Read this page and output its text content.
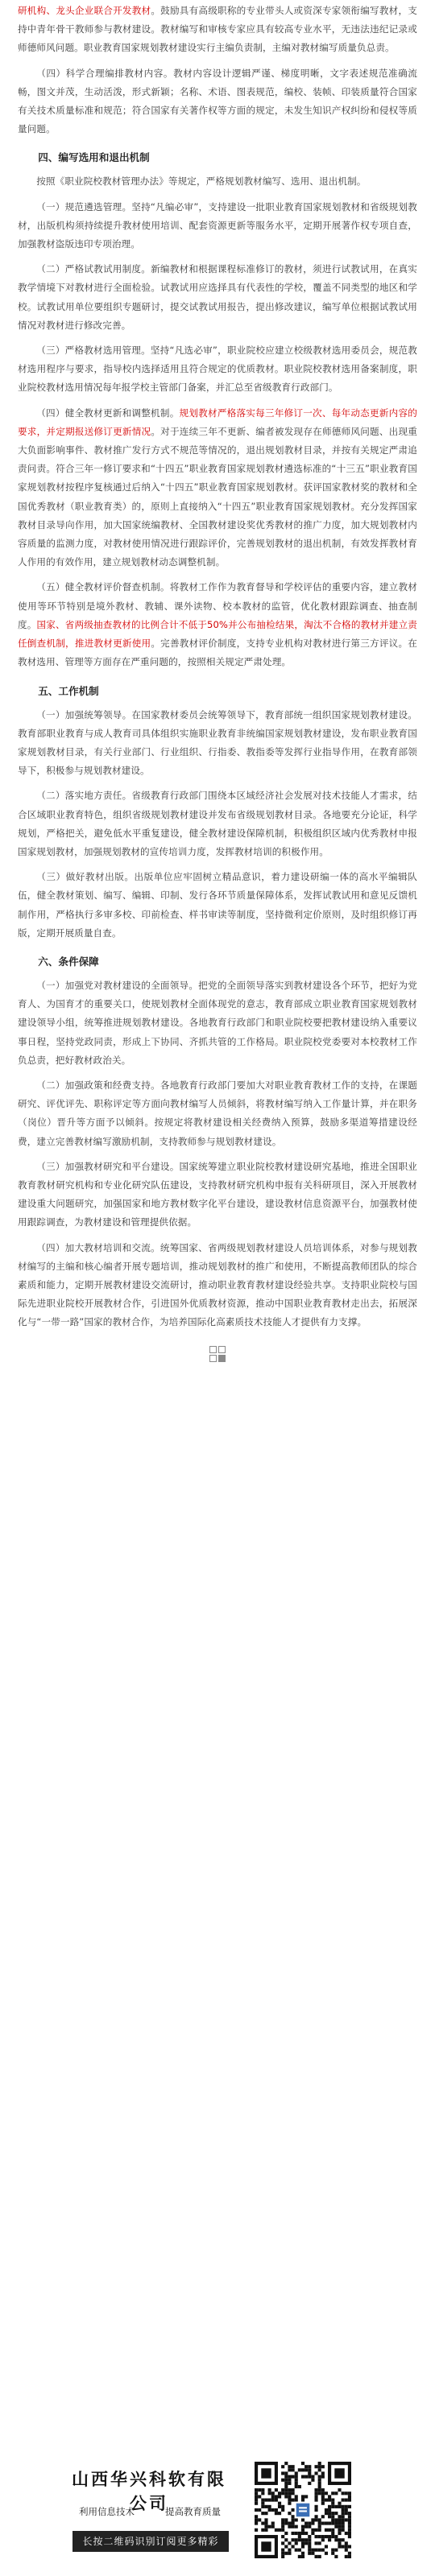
研机构、龙头企业联合开发教材。鼓励具有高级职称的专业带头人或资深专家领衔编写教材，支持中青年骨干教师参与教材建设。教材编写和审核专家应具有较高专业水平，无违法违纪记录或师德师风问题。职业教育国家规划教材建设实行主编负责制，主编对教材编写质量负总责。

（四）科学合理编排教材内容。教材内容设计逻辑严谨、梯度明晰，文字表述规范准确流畅，图文并茂，生动活泼，形式新颖；名称、术语、图表规范，编校、装帧、印装质量符合国家有关技术质量标准和规范；符合国家有关著作权等方面的规定，未发生知识产权纠纷和侵权等质量问题。

四、编写选用和退出机制

按照《职业院校教材管理办法》等规定，严格规划教材编写、选用、退出机制。

（一）规范遴选管理。坚持“凡编必审”，支持建设一批职业教育国家规划教材和省级规划教材，出版机构须持续提升教材使用培训、配套资源更新等服务水平，定期开展著作权专项自查，加强教材盗版违印专项治理。

（二）严格试教试用制度。新编教材和根据课程标准修订的教材，须进行试教试用，在真实教学情境下对教材进行全面检验。试教试用应选择具有代表性的学校，覆盖不同类型的地区和学校。试教试用单位要组织专题研讨，提交试教试用报告，提出修改建议，编写单位根据试教试用情况对教材进行修改完善。

（三）严格教材选用管理。坚持“凡选必审”，职业院校应建立校级教材选用委员会，规范教材选用程序与要求，指导校内选择适用且符合规定的优质教材。职业院校教材选用备案制度，职业院校教材选用情况每年报学校主管部门备案，并汇总至省级教育行政部门。

（四）健全教材更新和调整机制。规划教材严格落实每三年修订一次、每年动态更新内容的要求，并定期报送修订更新情况。对于连续三年不更新、编者被发现存在师德师风问题、出现重大负面影响事件、教材推广发行方式不规范等情况的，退出规划教材目录，并按有关规定严肃追责问责。符合三年一修订要求和“十四五”职业教育国家规划教材遴选标准的“十三五”职业教育国家规划教材按程序复核通过后纳入“十四五”职业教育国家规划教材。获评国家教材奖的教材和全国优秀教材（职业教育类）的，原则上直接纳入“十四五”职业教育国家规划教材。充分发挥国家教材目录导向作用，加大国家统编教材、全国教材建设奖优秀教材的推广力度，加大规划教材内容质量的监测力度，对教材使用情况进行跟踪评价，完善规划教材的退出机制，有效发挥教材育人作用的有效作用，建立规划教材动态调整机制。

（五）健全教材评价督查机制。将教材工作作为教育督导和学校评估的重要内容，建立教材使用等环节特别是境外教材、教辅、课外读物、校本教材的监管，优化教材跟踪调查、抽查制度。国家、省两级抽查教材的比例合计不低于50%并公布抽检结果，淘汰不合格的教材并建立责任倒查机制，推进教材更新使用。完善教材评价制度，支持专业机构对教材进行第三方评议。在教材选用、管理等方面存在严重问题的，按照相关规定严肃处理。

五、工作机制

（一）加强统筹领导。在国家教材委员会统筹领导下，教育部统一组织国家规划教材建设。教育部职业教育与成人教育司具体组织实施职业教育非统编国家规划教材建设，发布职业教育国家规划教材目录，有关行业部门、行业组织、行指委、教指委等发挥行业指导作用，在教育部领导下，积极参与规划教材建设。

（二）落实地方责任。省级教育行政部门围绕本区域经济社会发展对技术技能人才需求，结合区域职业教育特色，组织省级规划教材建设并发布省级规划教材目录。各地要充分论证，科学规划，严格把关，避免低水平重复建设，健全教材建设保障机制，积极组织区域内优秀教材申报国家规划教材，加强规划教材的宣传培训力度，发挥教材培训的积极作用。

（三）做好教材出版。出版单位应牢固树立精品意识，着力建设研编一体的高水平编辑队伍，健全教材策划、编写、编辑、印制、发行各环节质量保障体系，发挥试教试用和意见反馈机制作用，严格执行多审多校、印前检查、样书审读等制度，坚持微利定价原则，及时组织修订再版，定期开展质量自查。

六、条件保障

（一）加强党对教材建设的全面领导。把党的全面领导落实到教材建设各个环节，把好为党育人、为国育才的重要关口，使规划教材全面体现党的意志，教育部成立职业教育国家规划教材建设领导小组，统筹推进规划教材建设。各地教育行政部门和职业院校要把教材建设纳入重要议事日程，坚持党政同责，形成上下协同、齐抓共管的工作格局。职业院校党委要对本校教材工作负总责，把好教材政治关。

（二）加强政策和经费支持。各地教育行政部门要加大对职业教育教材工作的支持，在课题研究、评优评先、职称评定等方面向教材编写人员倾斜，将教材编写纳入工作量计算，并在职务（岗位）晋升等方面予以倾斜。按规定将教材建设相关经费纳入预算，鼓励多渠道筹措建设经费，建立完善教材编写激励机制，支持教师参与规划教材建设。

（三）加强教材研究和平台建设。国家统筹建立职业院校教材建设研究基地，推进全国职业教育教材研究机构和专业化研究队伍建设，支持教材研究机构申报有关科研项目，深入开展教材建设重大问题研究，加强国家和地方教材数字化平台建设，建设教材信息资源平台，加强教材使用跟踪调查，为教材建设和管理提供依据。

（四）加大教材培训和交流。统筹国家、省两级规划教材建设人员培训体系，对参与规划教材编写的主编和核心编者开展专题培训，推动规划教材的推广和使用，不断提高教师团队的综合素质和能力，定期开展教材建设交流研讨，推动职业教育教材建设经验共享。支持职业院校与国际先进职业院校开展教材合作，引进国外优质教材资源，推动中国职业教育教材走出去，拓展深化与“一带一路”国家的教材合作，为培养国际化高素质技术技能人才提供有力支撑。

山西华兴科软有限公司
利用信息技术	提高教育质量
长按二维码识别订阅更多精彩
